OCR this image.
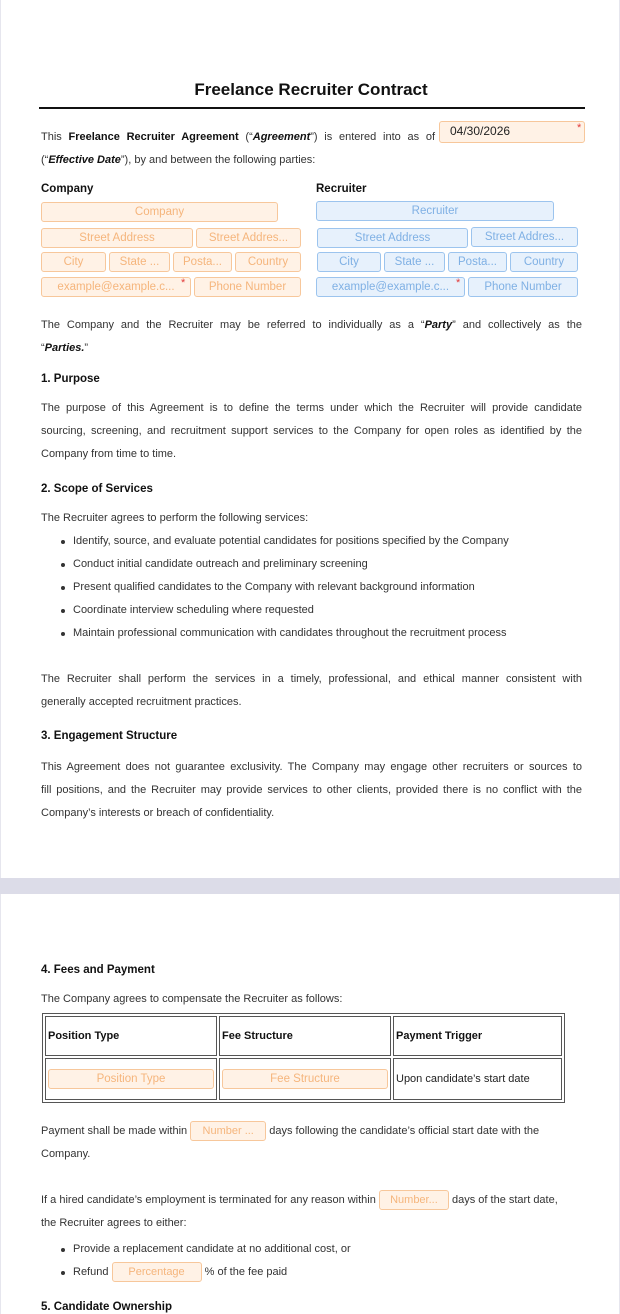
Freelance Recruiter Contract
This Freelance Recruiter Agreement (“Agreement”) is entered into as of	04/30/2026	*
(“Effective Date”), by and between the following parties:
Company
Company
Street Address	Street Addres...
City	State ...	Posta...	Country
example@example.c... *	Phone Number
Recruiter
Recruiter
Street Address	Street Addres...
City	State ...	Posta...	Country
example@example.c... *	Phone Number
The Company and the Recruiter may be referred to individually as a “Party” and collectively as the
“Parties.”
1. Purpose
The purpose of this Agreement is to define the terms under which the Recruiter will provide candidate
sourcing, screening, and recruitment support services to the Company for open roles as identified by the
Company from time to time.
2. Scope of Services
The Recruiter agrees to perform the following services:
Identify, source, and evaluate potential candidates for positions specified by the Company
Conduct initial candidate outreach and preliminary screening
Present qualified candidates to the Company with relevant background information
Coordinate interview scheduling where requested
Maintain professional communication with candidates throughout the recruitment process
The Recruiter shall perform the services in a timely, professional, and ethical manner consistent with
generally accepted recruitment practices.
3. Engagement Structure
This Agreement does not guarantee exclusivity. The Company may engage other recruiters or sources to
fill positions, and the Recruiter may provide services to other clients, provided there is no conflict with the
Company’s interests or breach of confidentiality.
4. Fees and Payment
The Company agrees to compensate the Recruiter as follows:
Position Type	Fee Structure	Payment Trigger

Position Type	Fee Structure	Upon candidate’s start date
Payment shall be made within Number ... days following the candidate’s official start date with the
Company.
If a hired candidate’s employment is terminated for any reason within Number... days of the start date,
the Recruiter agrees to either:
Provide a replacement candidate at no additional cost, or
Refund Percentage % of the fee paid
5. Candidate Ownership
